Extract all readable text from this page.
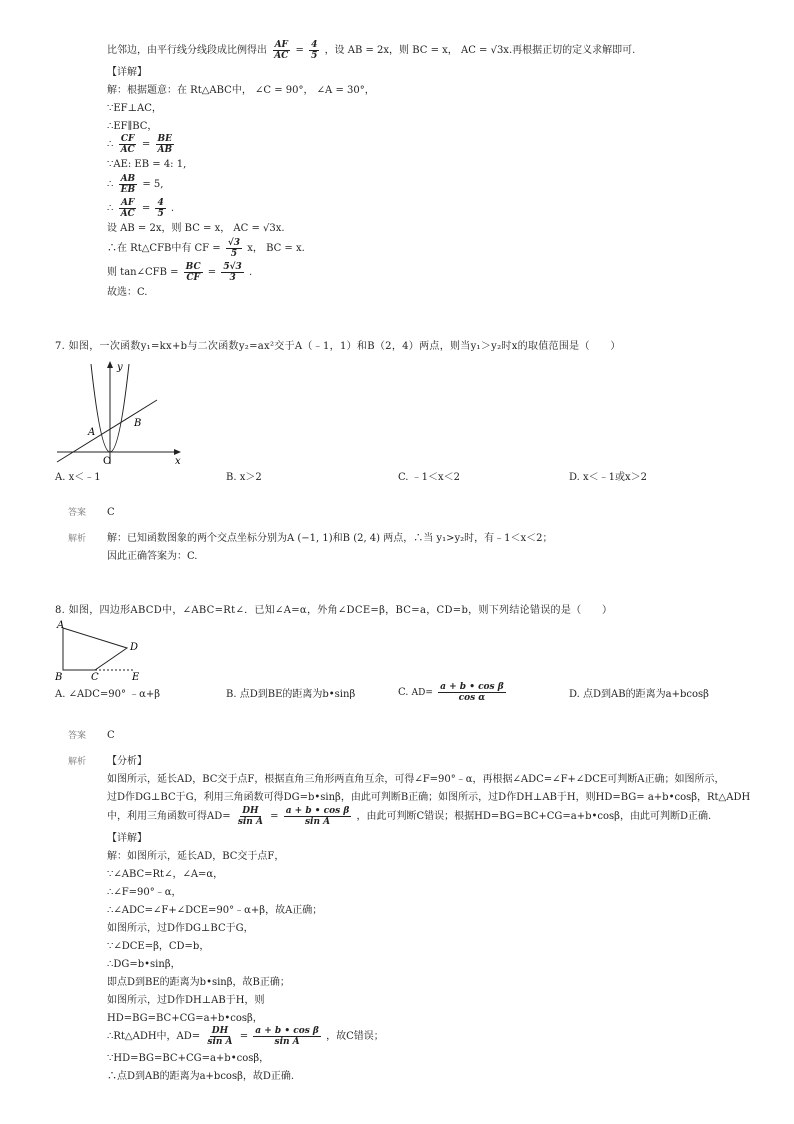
比邻边，由平行线分线段成比例得出 $\frac{AF}{AC} = \frac{4}{5}$ ，设 AB = 2x，则 BC = x， AC = √3x.再根据正切的定义求解即可.
【详解】
解：根据题意：在 Rt△ABC中， ∠C = 90°， ∠A = 30°，
∵EF⊥AC，
∴EF∥BC，
∴ $\frac{CF}{AC} = \frac{BE}{AB}$
∵AE: EB = 4: 1,
∴ $\frac{AB}{EB} = 5$,
∴ $\frac{AF}{AC} = \frac{4}{5}$ .
设 AB = 2x，则 BC = x， AC = √3x.
∴在 Rt△CFB中有 CF = $\frac{√3}{5}$ x， BC = x.
则 tan∠CFB = $\frac{BC}{CF} = \frac{5√3}{3}$ .
故选：C.
7. 如图，一次函数y₁=kx+b与二次函数y₂=ax²交于A（﹣1，1）和B（2，4）两点，则当y₁＞y₂时x的取值范围是（　　）
y
x
A
B
O
A. x＜﹣1	B. x＞2	C. ﹣1＜x＜2	D. x＜﹣1或x＞2
答案 C
解析 解：已知函数图象的两个交点坐标分别为A (−1, 1)和B (2, 4) 两点，∴当 y₁>y₂时，有﹣1＜x＜2；
因此正确答案为：C.
8. 如图，四边形ABCD中，∠ABC=Rt∠．已知∠A=α，外角∠DCE=β，BC=a，CD=b，则下列结论错误的是（　　）
A
B	C
D
E
A. ∠ADC=90° ﹣α+β	B. 点D到BE的距离为b•sinβ	C. $AD= \frac{\text{a + b • cos β}}{\text{cos α}}$	D. 点D到AB的距离为a+bcosβ
答案 C
解析 【分析】
如图所示，延长AD，BC交于点F，根据直角三角形两直角互余，可得∠F=90°﹣α，再根据∠ADC=∠F+∠DCE可判断A正确；如图所示，
过D作DG⊥BC于G，利用三角函数可得DG=b•sinβ，由此可判断B正确；如图所示，过D作DH⊥AB于H，则HD=BG= a+b•cosβ，Rt△ADH
中，利用三角函数可得$AD= \frac{DH}{\text{sin A}} = \frac{\text{a + b • cos β}}{\text{sin A}}$ ，由此可判断C错误；根据HD=BG=BC+CG=a+b•cosβ，由此可判断D正确.
【详解】
解：如图所示，延长AD，BC交于点F，
∵∠ABC=Rt∠，∠A=α，
∴∠F=90°﹣α，
∴∠ADC=∠F+∠DCE=90°﹣α+β，故A正确；
如图所示，过D作DG⊥BC于G，
∵∠DCE=β，CD=b，
∴DG=b•sinβ，
即点D到BE的距离为b•sinβ，故B正确；
如图所示，过D作DH⊥AB于H，则
HD=BG=BC+CG=a+b•cosβ，
∴Rt△ADH中，$AD= \frac{DH}{\text{sin A}} = \frac{\text{a + b • cos β}}{\text{sin A}}$ ，故C错误；
∵HD=BG=BC+CG=a+b•cosβ，
∴点D到AB的距离为a+bcosβ，故D正确.
